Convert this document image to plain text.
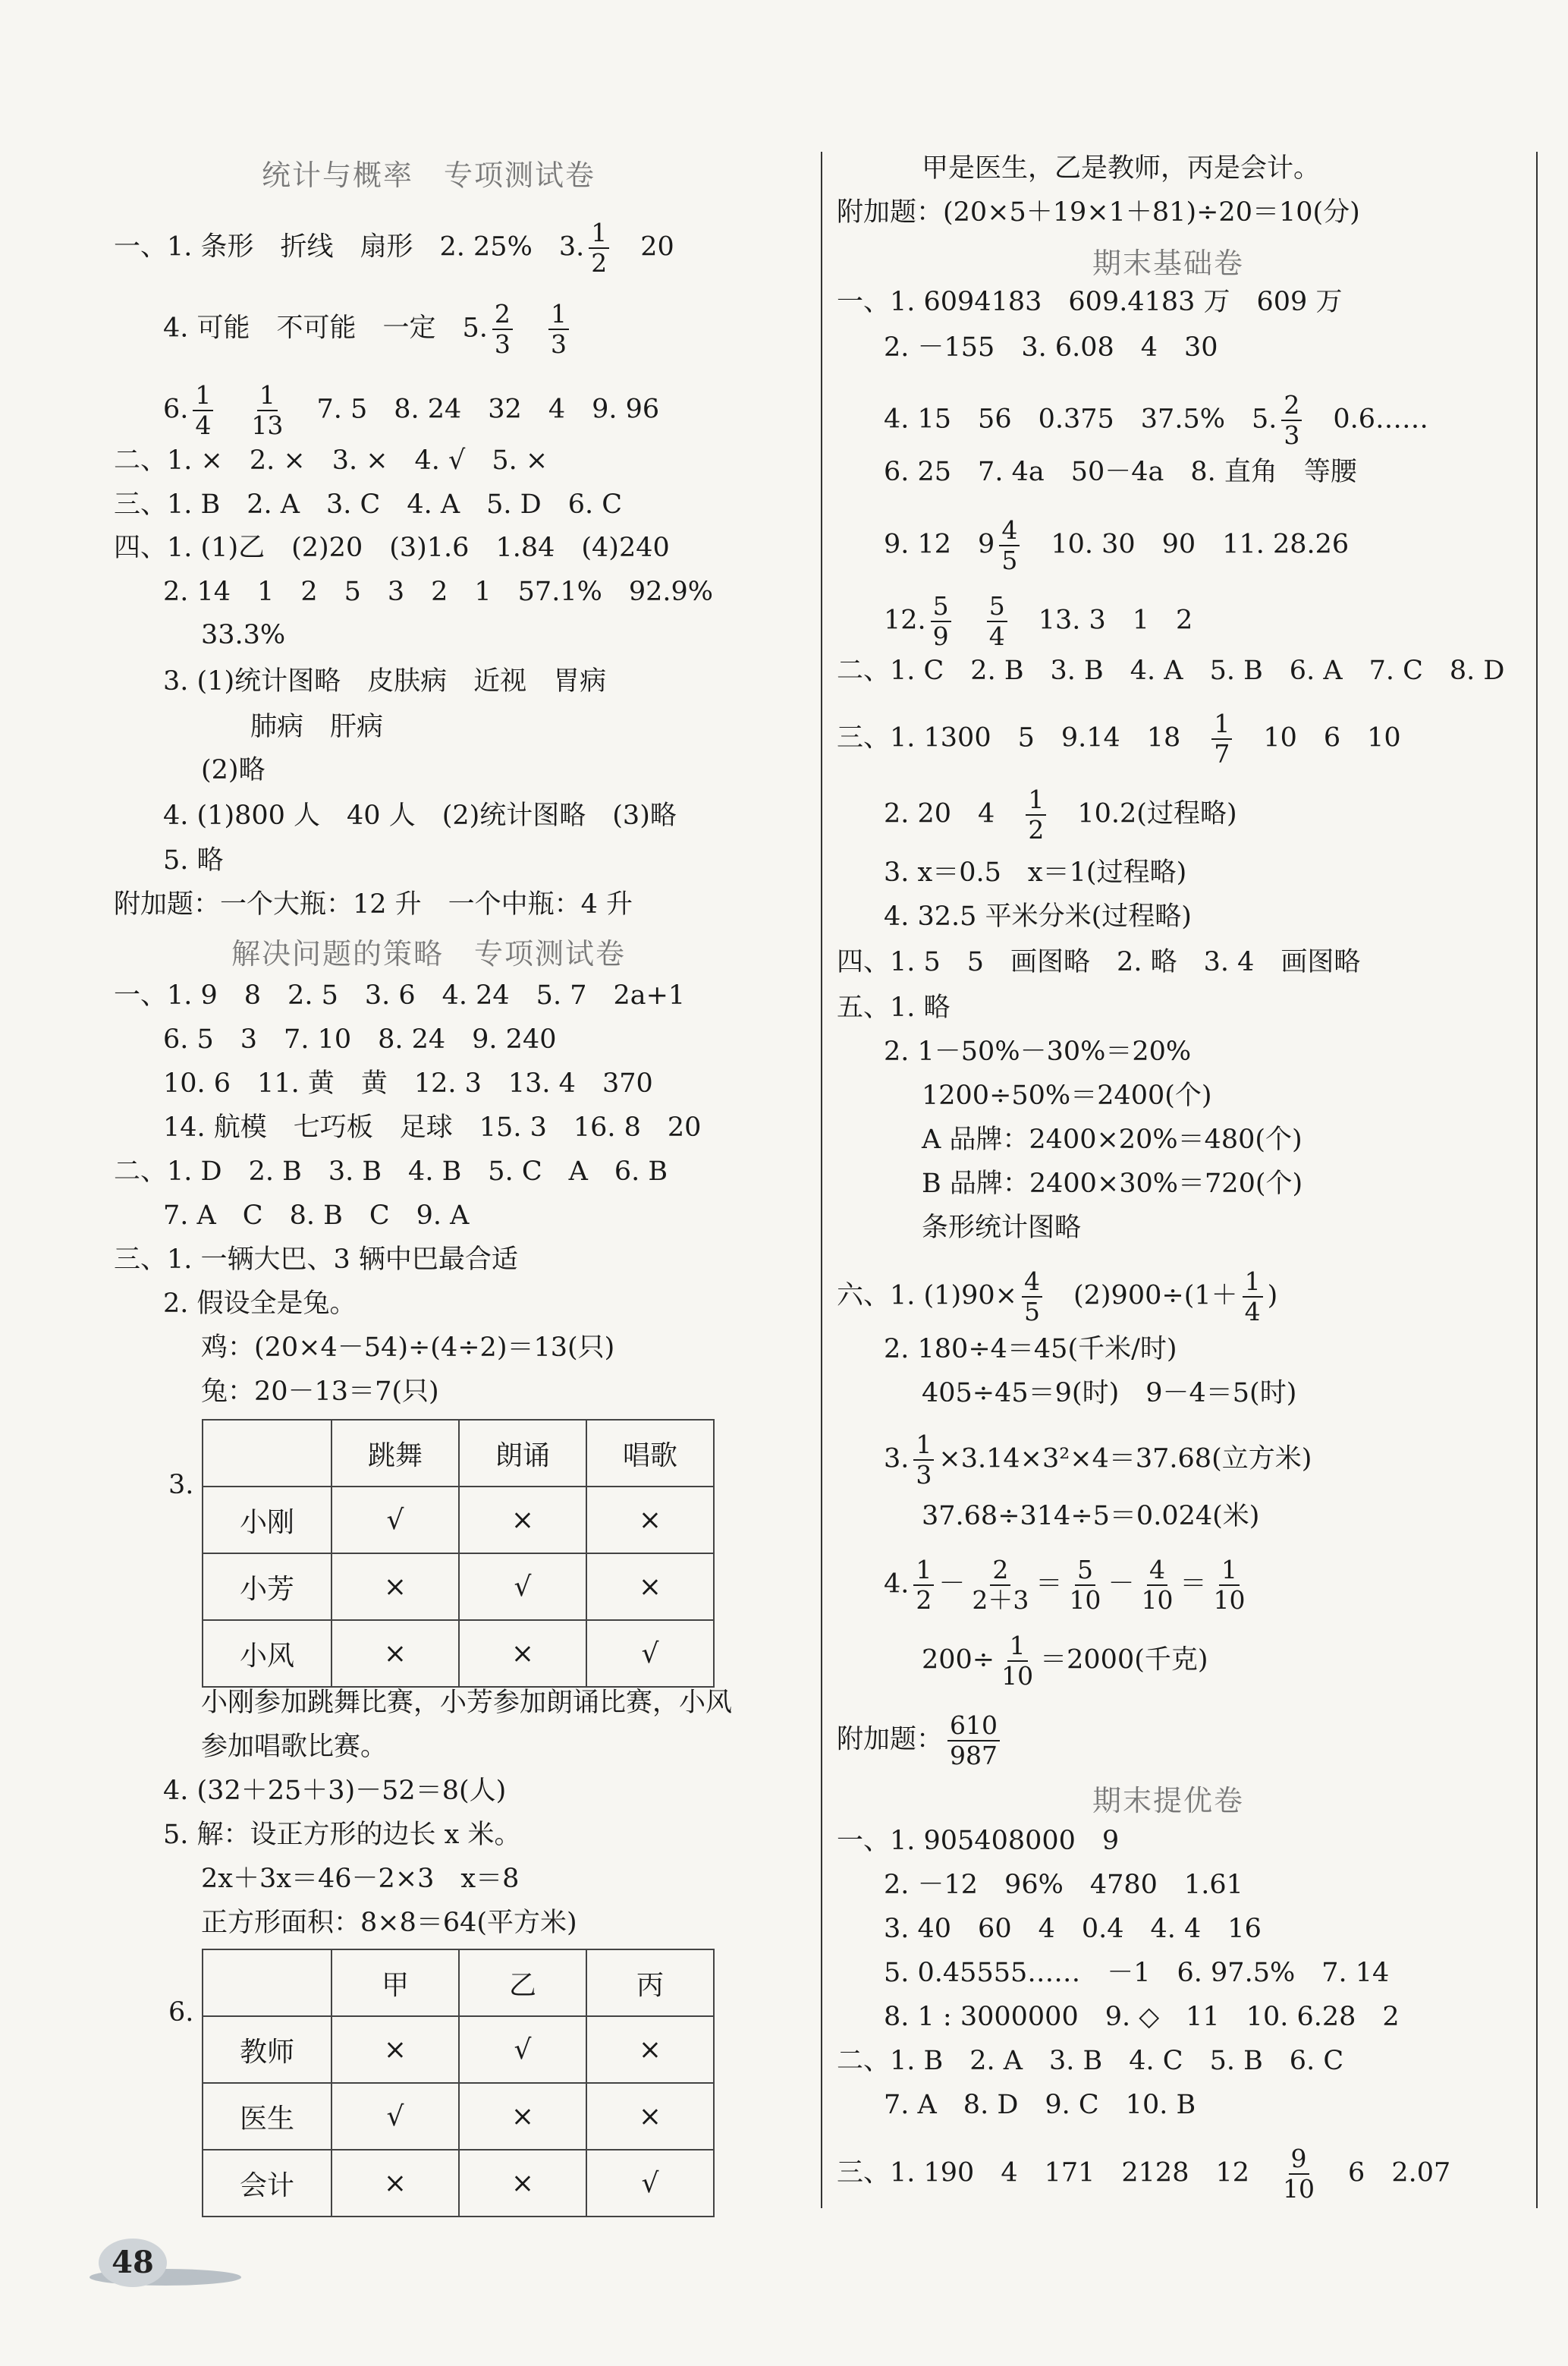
统计与概率　专项测试卷
一、1. 条形　折线　扇形　2. 25%　3. $\frac{1}{2}$
　 20
4. 可能　不可能　一定　5. $\frac{2}{3}$
　 $\frac{1}{3}$
6. $\frac{1}{4}$
　 $\frac{1}{13}$
　 7. 5　8. 24　32　4　9. 96
二、1. ×　2. ×　3. ×　4. √　5. ×
三、1. B　2. A　3. C　4. A　5. D　6. C
四、1. (1)乙　(2)20　(3)1.6　1.84　(4)240
2. 14　1　2　5　3　2　1　57.1%　92.9%
33.3%
3. (1)统计图略　皮肤病　近视　胃病
肺病　肝病
(2)略
4. (1)800 人　40 人　(2)统计图略　(3)略
5. 略
附加题：一个大瓶：12 升　一个中瓶：4 升
解决问题的策略　专项测试卷
一、1. 9　8　2. 5　3. 6　4. 24　5. 7　2a+1
6. 5　3　7. 10　8. 24　9. 240
10. 6　11. 黄　黄　12. 3　13. 4　370
14. 航模　七巧板　足球　15. 3　16. 8　20
二、1. D　2. B　3. B　4. B　5. C　A　6. B
7. A　C　8. B　C　9. A
三、1. 一辆大巴、3 辆中巴最合适
2. 假设全是兔。
鸡：(20×4－54)÷(4÷2)＝13(只)
兔：20－13＝7(只)
3.
	跳舞	朗诵	唱歌
小刚	√	×	×
小芳	×	√	×
小风	×	×	√
小刚参加跳舞比赛，小芳参加朗诵比赛，小风
参加唱歌比赛。
4. (32＋25＋3)－52＝8(人)
5. 解：设正方形的边长 x 米。
2x＋3x＝46－2×3　x＝8
正方形面积：8×8＝64(平方米)
6.
	甲	乙	丙
教师	×	√	×
医生	√	×	×
会计	×	×	√
甲是医生，乙是教师，丙是会计。
附加题：(20×5＋19×1＋81)÷20＝10(分)
期末基础卷
一、1. 6094183　609.4183 万　609 万
2. －155　3. 6.08　4　30
4. 15　56　0.375　37.5%　5. $\frac{2}{3}$
　 0.6……
6. 25　7. 4a　50－4a　8. 直角　等腰
9. 12　$9 \frac{4}{5}$
　 10. 30　90　11. 28.26
12. $\frac{5}{9}$
　 $\frac{5}{4}$
　 13. 3　1　2
二、1. C　2. B　3. B　4. A　5. B　6. A　7. C　8. D
三、1. 1300　5　9.14　18　 $\frac{1}{7}$
　 10　6　10
2. 20　4　 $\frac{1}{2}$
　 10.2(过程略)
3. x＝0.5　x＝1(过程略)
4. 32.5 平米分米(过程略)
四、1. 5　5　画图略　2. 略　3. 4　画图略
五、1. 略
2. 1－50%－30%＝20%
1200÷50%＝2400(个)
A 品牌：2400×20%＝480(个)
B 品牌：2400×30%＝720(个)
条形统计图略
六、1. $(1)90\times \frac{4}{5}$
　 $(2)900\div(1+ \frac{1}{4}$ )
2. 180÷4＝45(千米/时)
405÷45＝9(时)　9－4＝5(时)
3. $\frac{1}{3} \times 3.14\times 3^2\times 4=37.68$(立方米)
37.68÷314÷5＝0.024(米)
4. $\frac{1}{2} - \frac{2}{2+3} = \frac{5}{10} - \frac{4}{10} = \frac{1}{10}$
$200\div \frac{1}{10} =2000$(千克)
附加题： $\frac{610}{987}$
期末提优卷
一、1. 905408000　9
2. －12　96%　4780　1.61
3. 40　60　4　0.4　4. 4　16
5. 0.45555……　－1　6. 97.5%　7. 14
8. 1 : 3000000　9. ◇　11　10. 6.28　2
二、1. B　2. A　3. B　4. C　5. B　6. C
7. A　8. D　9. C　10. B
三、1. 190　4　171　2128　12　 $\frac{9}{10}$
　 6　2.07
48
